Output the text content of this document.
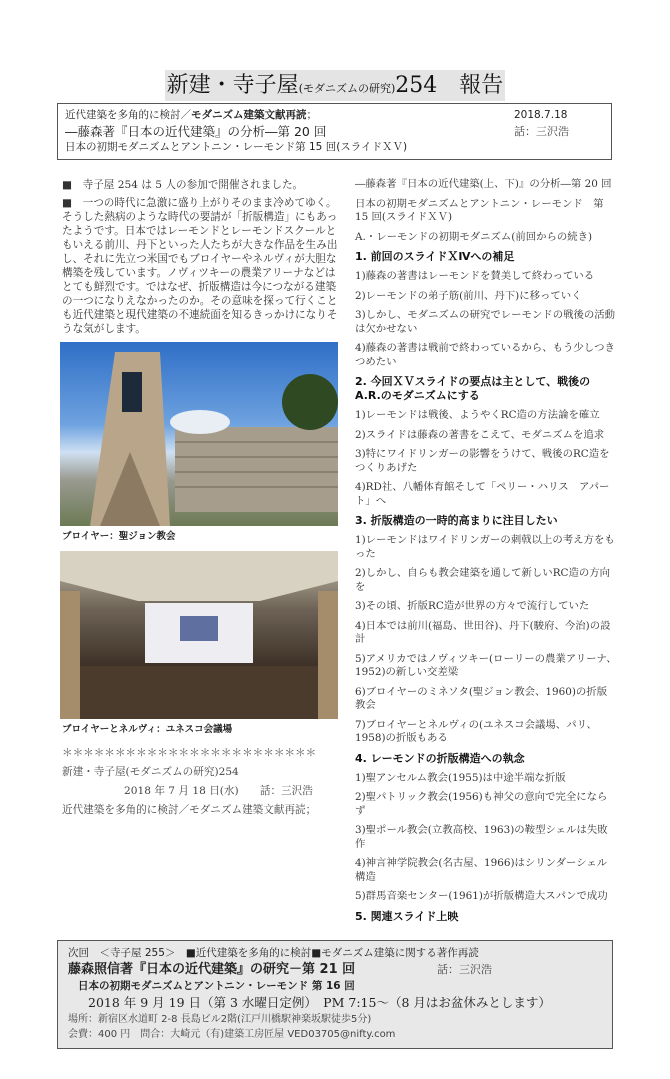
新建・寺子屋(モダニズムの研究)254　 報告
近代建築を多角的に検討／モダニズム建築文献再読；
―藤森著『日本の近代建築』の分析―第 20 回
日本の初期モダニズムとアントニン・レーモンド第 15 回(スライドＸＶ)
2018.7.18
話：三沢浩

■　寺子屋 254 は 5 人の参加で開催されました。

■　一つの時代に急激に盛り上がりそのまま冷めてゆく。そうした熱病のような時代の要請が「折版構造」にもあったようです。日本ではレーモンドとレーモンドスクールともいえる前川、丹下といった人たちが大きな作品を生み出し、それに先立つ米国でもブロイヤーやネルヴィが大胆な構築を残しています。ノヴィツキーの農業アリーナなどはとても鮮烈です。ではなぜ、折版構造は今につながる建築の一つになりえなかったのか。その意味を探って行くことも近代建築と現代建築の不連続面を知るきっかけになりそうな気がします。

ブロイヤー：聖ジョン教会
ブロイヤーとネルヴィ：ユネスコ会議場
＊＊＊＊＊＊＊＊＊＊＊＊＊＊＊＊＊＊＊＊＊＊＊＊
新建・寺子屋(モダニズムの研究)254
2018 年 7 月 18 日(水)　　話：三沢浩
近代建築を多角的に検討／モダニズム建築文献再読；
―藤森著『日本の近代建築(上、下)』の分析―第 20 回
日本の初期モダニズムとアントニン・レーモンド　第 15 回(スライドＸＶ)
A.・レーモンドの初期モダニズム(前回からの続き)
1. 前回のスライドＸⅣへの補足
1)藤森の著書はレーモンドを賛美して終わっている
2)レーモンドの弟子筋(前川、丹下)に移っていく
3)しかし、モダニズムの研究でレーモンドの戦後の活動は欠かせない
4)藤森の著書は戦前で終わっているから、もう少しつきつめたい
2. 今回ＸＶスライドの要点は主として、戦後の A.R.のモダニズムにする
1)レーモンドは戦後、ようやくRC造の方法論を確立
2)スライドは藤森の著書をこえて、モダニズムを追求
3)特にワイドリンガーの影響をうけて、戦後のRC造をつくりあげた
4)RD社、八幡体育館そして「ペリー・ハリス　アパート」へ
3. 折版構造の一時的高まりに注目したい
1)レーモンドはワイドリンガーの刺戟以上の考え方をもった
2)しかし、自らも教会建築を通して新しいRC造の方向を
3)その頃、折版RC造が世界の方々で流行していた
4)日本では前川(福島、世田谷)、丹下(駿府、今治)の設計
5)アメリカではノヴィツキー(ローリーの農業アリーナ、1952)の新しい交差梁
6)ブロイヤーのミネソタ(聖ジョン教会、1960)の折版教会
7)ブロイヤーとネルヴィの(ユネスコ会議場、パリ、1958)の折版もある
4. レーモンドの折版構造への執念
1)聖アンセルム教会(1955)は中途半端な折版
2)聖パトリック教会(1956)も神父の意向で完全にならず
3)聖ポール教会(立教高校、1963)の鞍型シェルは失敗作
4)神言神学院教会(名古屋、1966)はシリンダーシェル構造
5)群馬音楽センター(1961)が折版構造大スパンで成功
5. 関連スライド上映
次回　＜寺子屋 255＞　■近代建築を多角的に検討■モダニズム建築に関する著作再読
藤森照信著『日本の近代建築』の研究－第 21 回	話：三沢浩
日本の初期モダニズムとアントニン・レーモンド 第 16 回
2018 年 9 月 19 日（第 3 水曜日定例）　PM 7:15～（8 月はお盆休みとします）
場所：新宿区水道町 2-8 長島ビル2階(江戸川橋駅神楽坂駅徒歩5分)
会費：400 円　問合：大崎元（有)建築工房匠屋 VED03705@nifty.com
